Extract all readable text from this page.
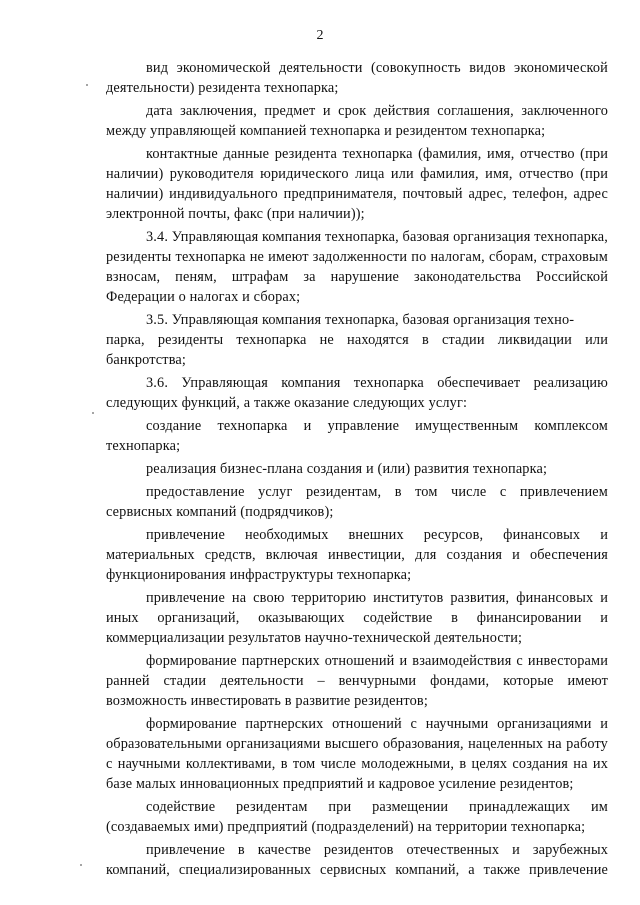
2

вид экономической деятельности (совокупность видов экономической деятельности) резидента технопарка;

дата заключения, предмет и срок действия соглашения, заключенного между управляющей компанией технопарка и резидентом технопарка;

контактные данные резидента технопарка (фамилия, имя, отчество (при наличии) руководителя юридического лица или фамилия, имя, отчество (при наличии) индивидуального предпринимателя, почтовый адрес, телефон, адрес электронной почты, факс (при наличии));

3.4. Управляющая компания технопарка, базовая организация технопарка, резиденты технопарка не имеют задолженности по налогам, сборам, страховым взносам, пеням, штрафам за нарушение законодательства Российской Федерации о налогах и сборах;

3.5. Управляющая компания технопарка, базовая организация техно-
парка, резиденты технопарка не находятся в стадии ликвидации или банкротства;

3.6. Управляющая компания технопарка обеспечивает реализацию следующих функций, а также оказание следующих услуг:

создание технопарка и управление имущественным комплексом технопарка;

реализация бизнес-плана создания и (или) развития технопарка;

предоставление услуг резидентам, в том числе с привлечением сервисных компаний (подрядчиков);

привлечение необходимых внешних ресурсов, финансовых и материальных средств, включая инвестиции, для создания и обеспечения функционирования инфраструктуры технопарка;

привлечение на свою территорию институтов развития, финансовых и иных организаций, оказывающих содействие в финансировании и коммерциализации результатов научно-технической деятельности;

формирование партнерских отношений и взаимодействия с инвесторами ранней стадии деятельности – венчурными фондами, которые имеют возможность инвестировать в развитие резидентов;

формирование партнерских отношений с научными организациями и образовательными организациями высшего образования, нацеленных на работу с научными коллективами, в том числе молодежными, в целях создания на их базе малых инновационных предприятий и кадровое усиление резидентов;

содействие резидентам при размещении принадлежащих им (создаваемых ими) предприятий (подразделений) на территории технопарка;

привлечение в качестве резидентов отечественных и зарубежных компаний, специализированных сервисных компаний, а также привлечение
